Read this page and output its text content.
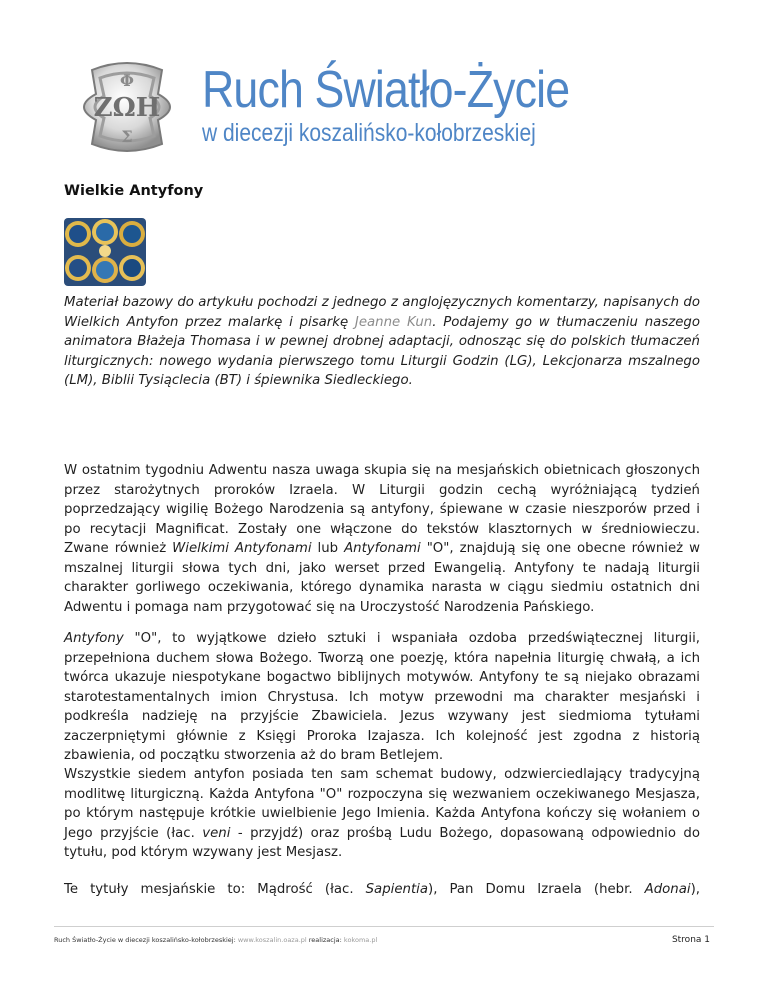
ΖΩΗ
Φ
Σ
Ruch Światło-Życie
w diecezji koszalińsko-kołobrzeskiej
Wielkie Antyfony

Materiał bazowy do artykułu pochodzi z jednego z anglojęzycznych komentarzy, napisanych do Wielkich Antyfon przez malarkę i pisarkę Jeanne Kun. Podajemy go w tłumaczeniu naszego animatora Błażeja Thomasa i w pewnej drobnej adaptacji, odnosząc się do polskich tłumaczeń liturgicznych: nowego wydania pierwszego tomu Liturgii Godzin (LG), Lekcjonarza mszalnego (LM), Biblii Tysiąclecia (BT) i śpiewnika Siedleckiego.

W ostatnim tygodniu Adwentu nasza uwaga skupia się na mesjańskich obietnicach głoszonych przez starożytnych proroków Izraela. W Liturgii godzin cechą wyróżniającą tydzień poprzedzający wigilię Bożego Narodzenia są antyfony, śpiewane w czasie nieszporów przed i po recytacji Magnificat. Zostały one włączone do tekstów klasztornych w średniowieczu. Zwane również Wielkimi Antyfonami lub Antyfonami "O", znajdują się one obecne również w mszalnej liturgii słowa tych dni, jako werset przed Ewangelią. Antyfony te nadają liturgii charakter gorliwego oczekiwania, którego dynamika narasta w ciągu siedmiu ostatnich dni Adwentu i pomaga nam przygotować się na Uroczystość Narodzenia Pańskiego.

Antyfony "O", to wyjątkowe dzieło sztuki i wspaniała ozdoba przedświątecznej liturgii, przepełniona duchem słowa Bożego. Tworzą one poezję, która napełnia liturgię chwałą, a ich twórca ukazuje niespotykane bogactwo biblijnych motywów. Antyfony te są niejako obrazami starotestamentalnych imion Chrystusa. Ich motyw przewodni ma charakter mesjański i podkreśla nadzieję na przyjście Zbawiciela. Jezus wzywany jest siedmioma tytułami zaczerpniętymi głównie z Księgi Proroka Izajasza. Ich kolejność jest zgodna z historią zbawienia, od początku stworzenia aż do bram Betlejem.

Wszystkie siedem antyfon posiada ten sam schemat budowy, odzwierciedlający tradycyjną modlitwę liturgiczną. Każda Antyfona "O" rozpoczyna się wezwaniem oczekiwanego Mesjasza, po którym następuje krótkie uwielbienie Jego Imienia. Każda Antyfona kończy się wołaniem o Jego przyjście (łac. veni - przyjdź) oraz prośbą Ludu Bożego, dopasowaną odpowiednio do tytułu, pod którym wzywany jest Mesjasz.

Te tytuły mesjańskie to: Mądrość (łac. Sapientia), Pan Domu Izraela (hebr. Adonai),

Ruch Światło-Życie w diecezji koszalińsko-kołobrzeskiej: www.koszalin.oaza.pl realizacja: kokoma.pl	Strona 1
